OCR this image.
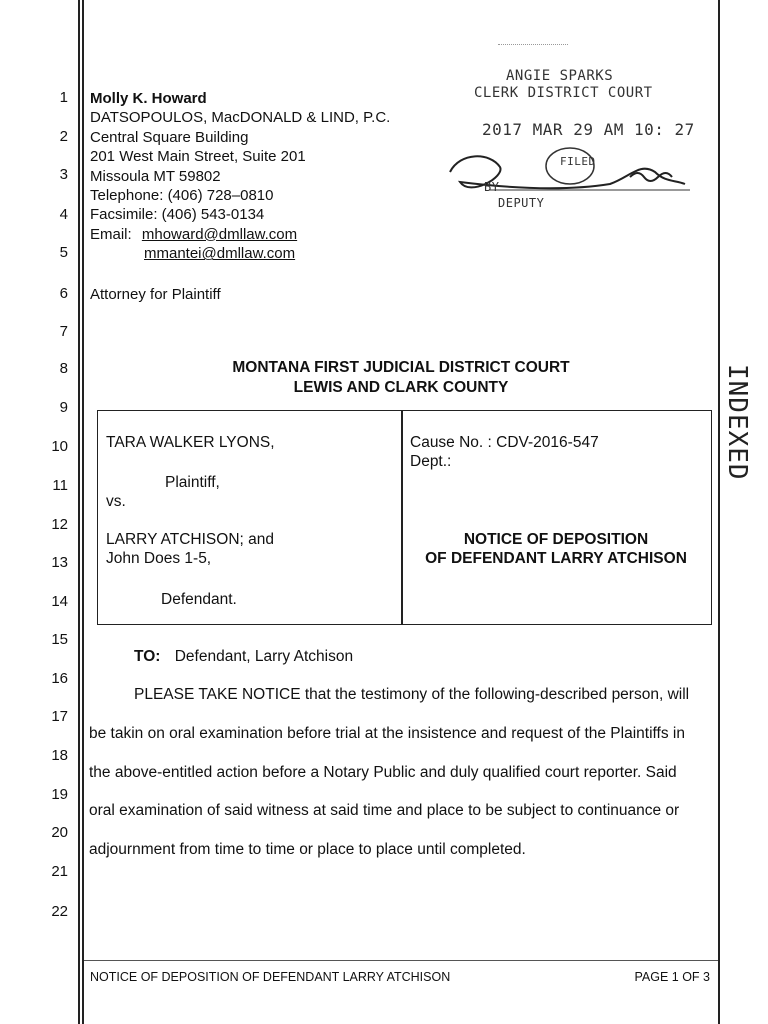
1
2
3
4
5
6
7
8
9
10
11
12
13
14
15
16
17
18
19
20
21
22
Molly K. Howard
DATSOPOULOS, MacDONALD & LIND, P.C.
Central Square Building
201 West Main Street, Suite 201
Missoula MT 59802
Telephone: (406) 728–0810
Facsimile: (406) 543-0134
Email: mhoward@dmllaw.com
mmantei@dmllaw.com
Attorney for Plaintiff
ANGIE SPARKS
CLERK DISTRICT COURT
2017 MAR 29 AM 10: 27
FILED
BY
DEPUTY
INDEXED
MONTANA FIRST JUDICIAL DISTRICT COURT
LEWIS AND CLARK COUNTY
TARA WALKER LYONS,
Plaintiff,
vs.
LARRY ATCHISON; and
John Does 1-5,
Defendant.
Cause No. : CDV-2016-547
Dept.:
NOTICE OF DEPOSITION
OF DEFENDANT LARRY ATCHISON
TO: Defendant, Larry Atchison
PLEASE TAKE NOTICE that the testimony of the following-described person, will
be takin on oral examination before trial at the insistence and request of the Plaintiffs in
the above-entitled action before a Notary Public and duly qualified court reporter. Said
oral examination of said witness at said time and place to be subject to continuance or
adjournment from time to time or place to place until completed.
NOTICE OF DEPOSITION OF DEFENDANT LARRY ATCHISON	PAGE 1 OF 3
